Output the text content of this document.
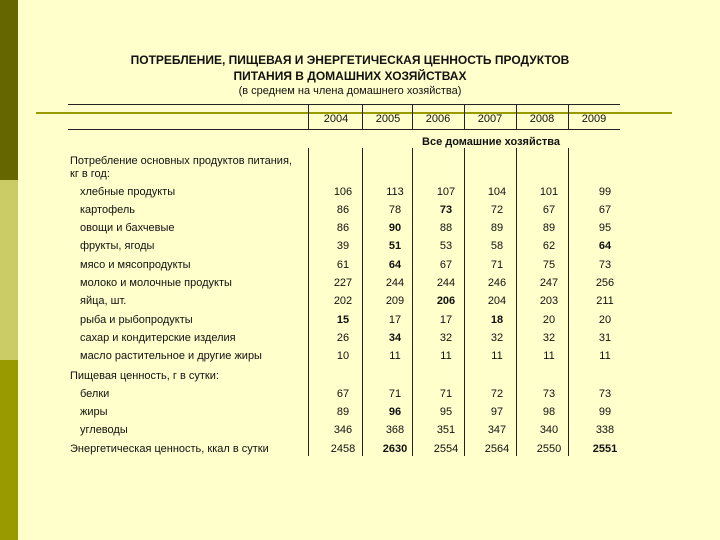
ПОТРЕБЛЕНИЕ, ПИЩЕВАЯ И ЭНЕРГЕТИЧЕСКАЯ ЦЕННОСТЬ ПРОДУКТОВ
ПИТАНИЯ В ДОМАШНИХ ХОЗЯЙСТВАХ
(в среднем на члена домашнего хозяйства)
2004	2005	2006	2007	2008	2009
Все домашние хозяйства
Потребление основных продуктов питания,
кг в год:
Пищевая ценность, г в сутки:
хлебные продукты	106	113	107	104	101	99
картофель	86	78	73	72	67	67
овощи и бахчевые	86	90	88	89	89	95
фрукты, ягоды	39	51	53	58	62	64
мясо и мясопродукты	61	64	67	71	75	73
молоко и молочные продукты	227	244	244	246	247	256
яйца, шт.	202	209	206	204	203	211
рыба и рыбопродукты	15	17	17	18	20	20
сахар и кондитерские изделия	26	34	32	32	32	31
масло растительное и другие жиры	10	11	11	11	11	11
белки	67	71	71	72	73	73
жиры	89	96	95	97	98	99
углеводы	346	368	351	347	340	338
Энергетическая ценность, ккал в сутки	2458	2630	2554	2564	2550	2551
